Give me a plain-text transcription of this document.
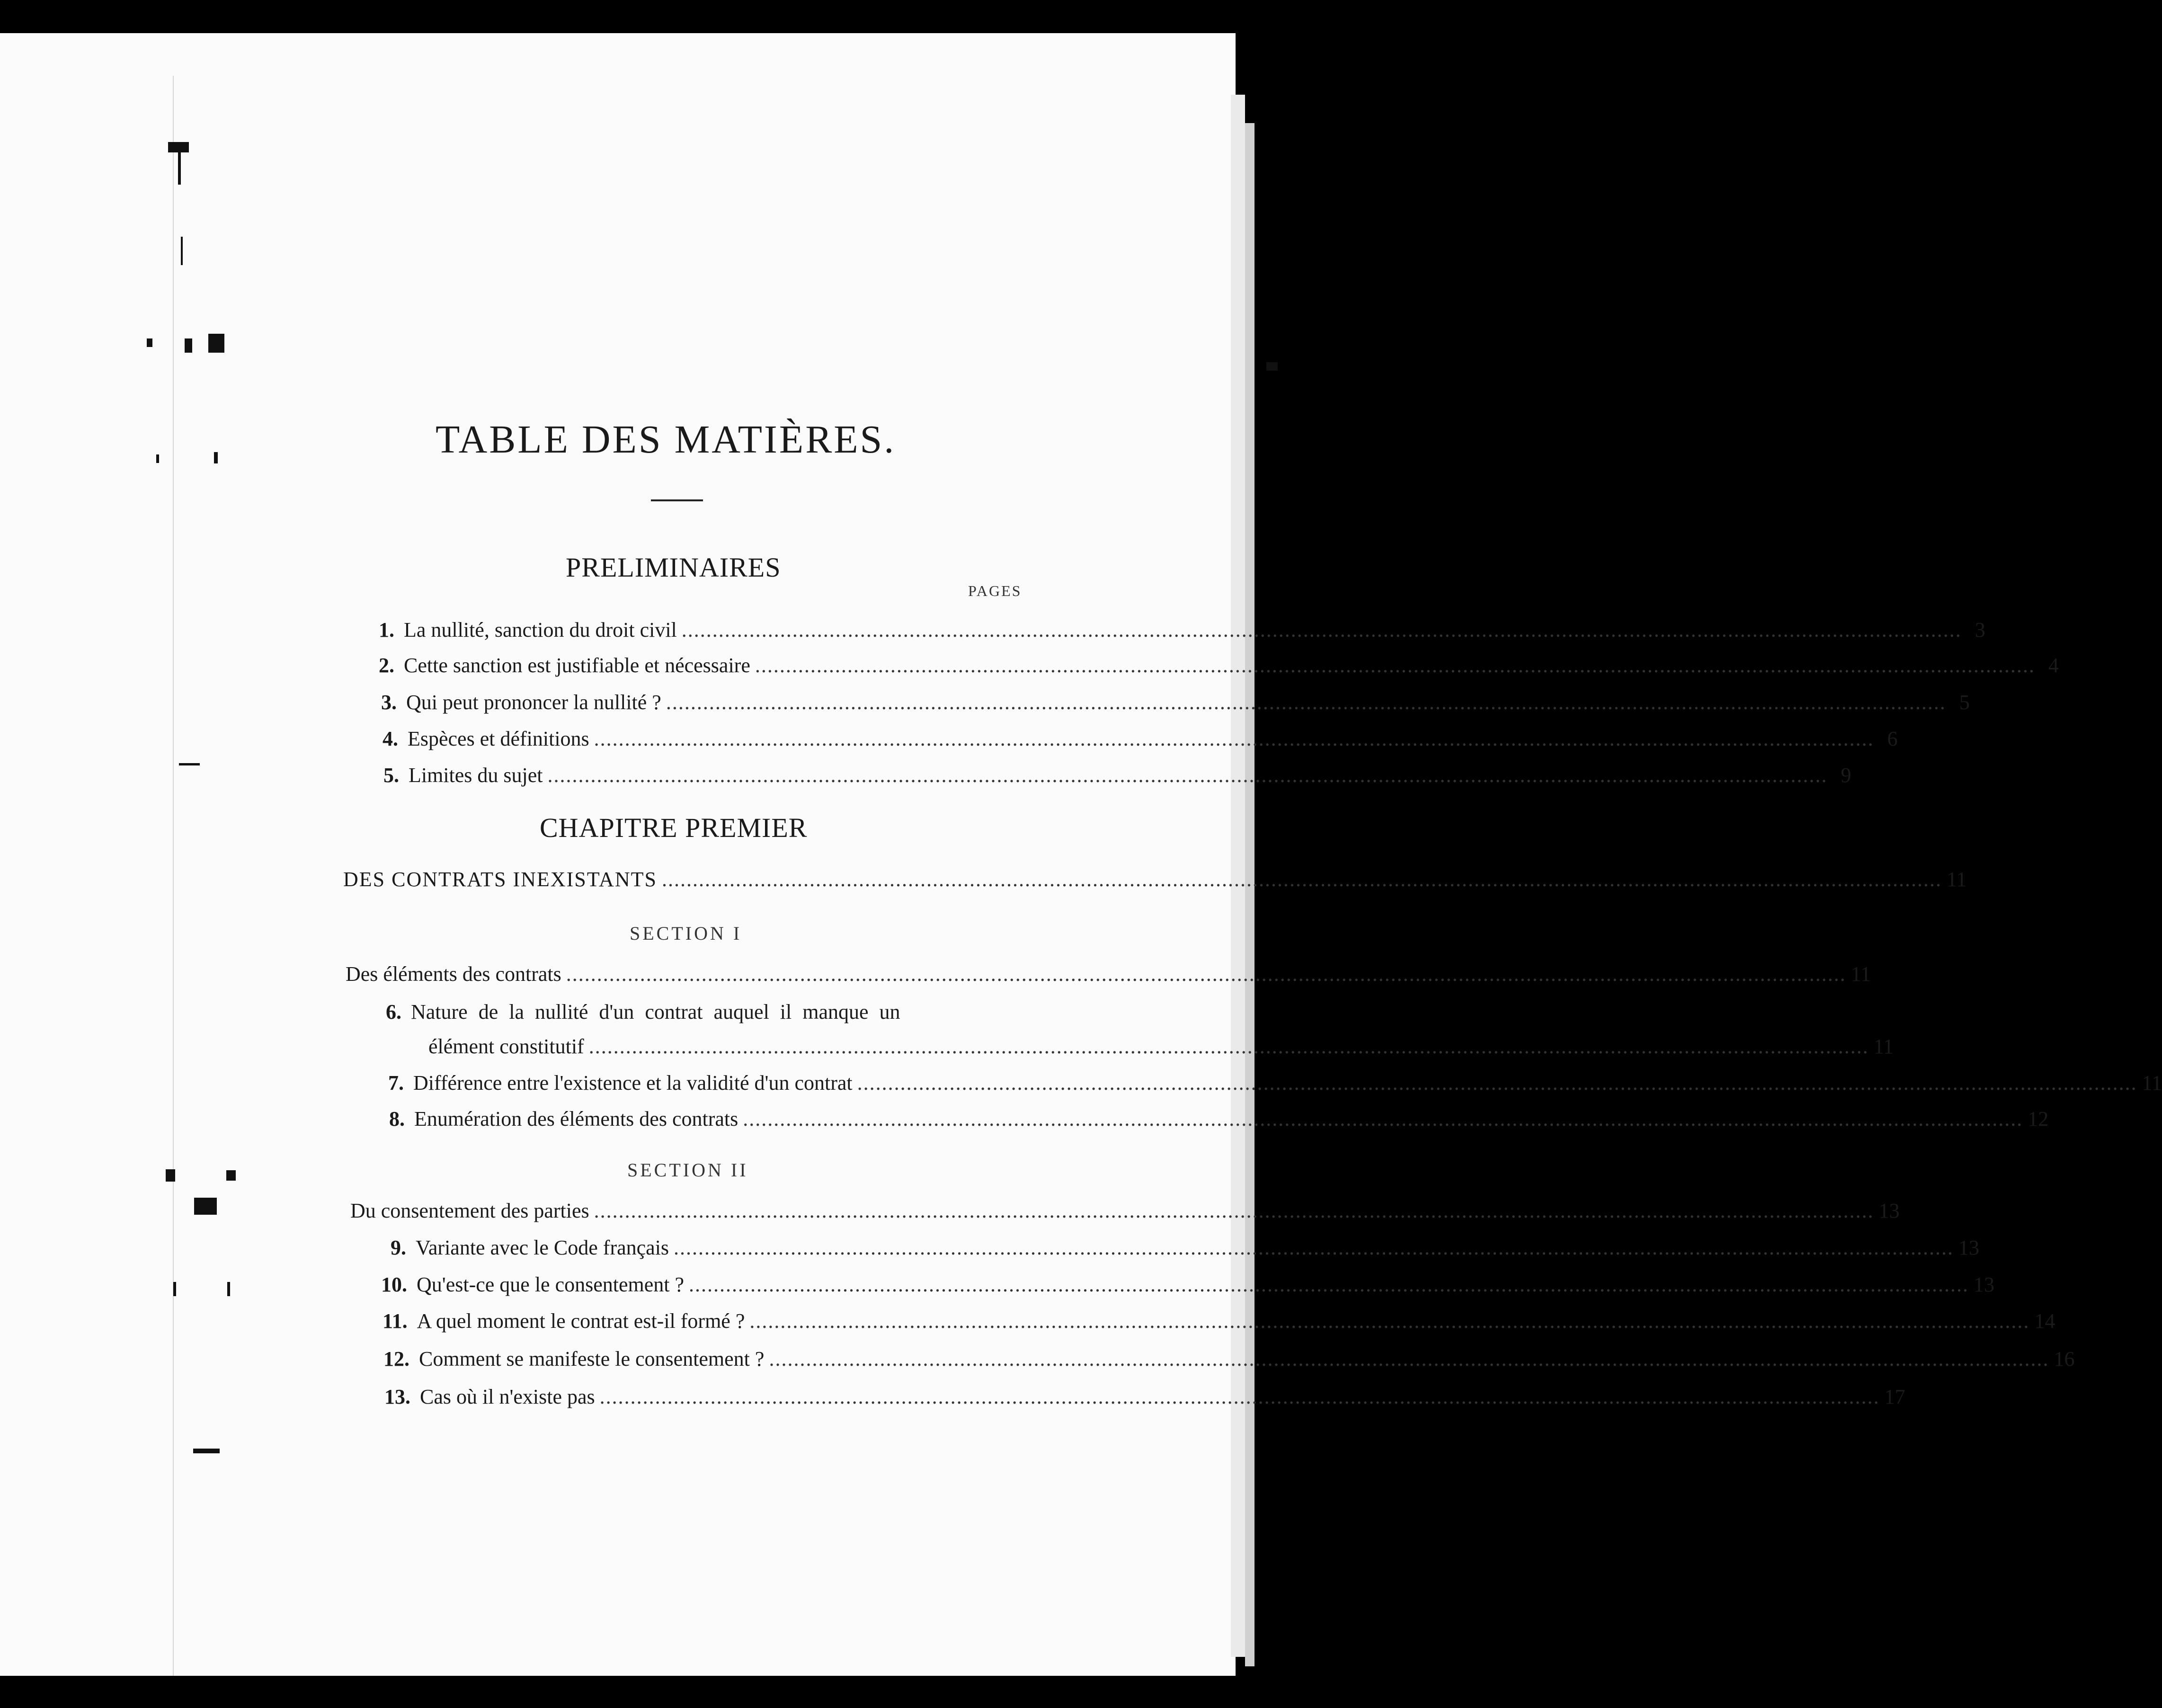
TABLE DES MATIÈRES.
PRELIMINAIRES
PAGES
1. La nullité, sanction du droit civil ................................................................................................................................................................................................................ 3
2. Cette sanction est justifiable et nécessaire ................................................................................................................................................................................................................ 4
3. Qui peut prononcer la nullité ? ................................................................................................................................................................................................................ 5
4. Espèces et définitions ................................................................................................................................................................................................................ 6
5. Limites du sujet ................................................................................................................................................................................................................ 9
CHAPITRE PREMIER
DES CONTRATS INEXISTANTS ................................................................................................................................................................................................................ 11
SECTION I
Des éléments des contrats ................................................................................................................................................................................................................ 11
6. Nature de la nullité d'un contrat auquel il manque un
élément constitutif ................................................................................................................................................................................................................ 11
7. Différence entre l'existence et la validité d'un contrat ................................................................................................................................................................................................................ 11
8. Enumération des éléments des contrats ................................................................................................................................................................................................................ 12
SECTION II
Du consentement des parties ................................................................................................................................................................................................................ 13
9. Variante avec le Code français ................................................................................................................................................................................................................ 13
10. Qu'est-ce que le consentement ? ................................................................................................................................................................................................................ 13
11. A quel moment le contrat est-il formé ? ................................................................................................................................................................................................................ 14
12. Comment se manifeste le consentement ? ................................................................................................................................................................................................................ 16
13. Cas où il n'existe pas ................................................................................................................................................................................................................ 17
